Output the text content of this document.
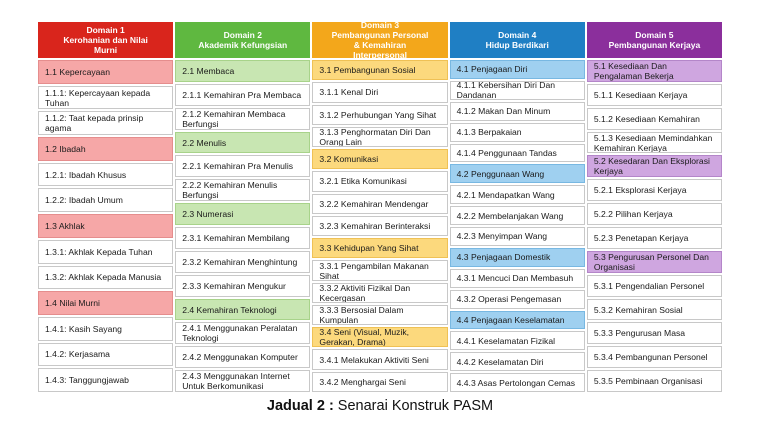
Domain 1
Kerohanian dan Nilai
Murni
1.1 Kepercayaan
1.1.1: Kepercayaan kepada Tuhan
1.1.2: Taat kepada prinsip agama
1.2 Ibadah
1.2.1: Ibadah Khusus
1.2.2: Ibadah Umum
1.3 Akhlak
1.3.1: Akhlak Kepada Tuhan
1.3.2: Akhlak Kepada Manusia
1.4 Nilai Murni
1.4.1: Kasih Sayang
1.4.2: Kerjasama
1.4.3: Tanggungjawab
Domain 2
Akademik Kefungsian
2.1 Membaca
2.1.1 Kemahiran Pra Membaca
2.1.2 Kemahiran Membaca Berfungsi
2.2 Menulis
2.2.1 Kemahiran Pra Menulis
2.2.2 Kemahiran Menulis Berfungsi
2.3 Numerasi
2.3.1 Kemahiran Membilang
2.3.2 Kemahiran Menghintung
2.3.3 Kemahiran Mengukur
2.4 Kemahiran Teknologi
2.4.1 Menggunakan Peralatan Teknologi
2.4.2 Menggunakan Komputer
2.4.3 Menggunakan Internet Untuk Berkomunikasi
Domain 3
Pembangunan Personal
& Kemahiran
Interpersonal
3.1 Pembangunan Sosial
3.1.1 Kenal Diri
3.1.2 Perhubungan Yang Sihat
3.1.3 Penghormatan Diri Dan Orang Lain
3.2 Komunikasi
3.2.1 Etika Komunikasi
3.2.2 Kemahiran Mendengar
3.2.3 Kemahiran Berinteraksi
3.3 Kehidupan Yang Sihat
3.3.1 Pengambilan Makanan Sihat
3.3.2 Aktiviti Fizikal Dan Kecergasan
3.3.3 Bersosial Dalam Kumpulan
3.4 Seni (Visual, Muzik, Gerakan, Drama)
3.4.1 Melakukan Aktiviti Seni
3.4.2 Menghargai Seni
Domain 4
Hidup Berdikari
4.1 Penjagaan Diri
4.1.1 Kebersihan Diri Dan Dandanan
4.1.2 Makan Dan Minum
4.1.3 Berpakaian
4.1.4 Penggunaan Tandas
4.2 Penggunaan Wang
4.2.1 Mendapatkan Wang
4.2.2 Membelanjakan Wang
4.2.3 Menyimpan Wang
4.3 Penjagaan Domestik
4.3.1 Mencuci Dan Membasuh
4.3.2 Operasi Pengemasan
4.4 Penjagaan Keselamatan
4.4.1 Keselamatan Fizikal
4.4.2 Keselamatan Diri
4.4.3 Asas Pertolongan Cemas
Domain 5
Pembangunan Kerjaya
5.1 Kesediaan Dan Pengalaman Bekerja
5.1.1 Kesediaan Kerjaya
5.1.2 Kesediaan Kemahiran
5.1.3 Kesediaan Memindahkan Kemahiran Kerjaya
5.2 Kesedaran Dan Eksplorasi Kerjaya
5.2.1 Eksplorasi Kerjaya
5.2.2 Pilihan Kerjaya
5.2.3 Penetapan Kerjaya
5.3 Pengurusan Personel Dan Organisasi
5.3.1 Pengendalian Personel
5.3.2 Kemahiran Sosial
5.3.3 Pengurusan Masa
5.3.4 Pembangunan Personel
5.3.5 Pembinaan Organisasi
Jadual 2 : Senarai Konstruk PASM
